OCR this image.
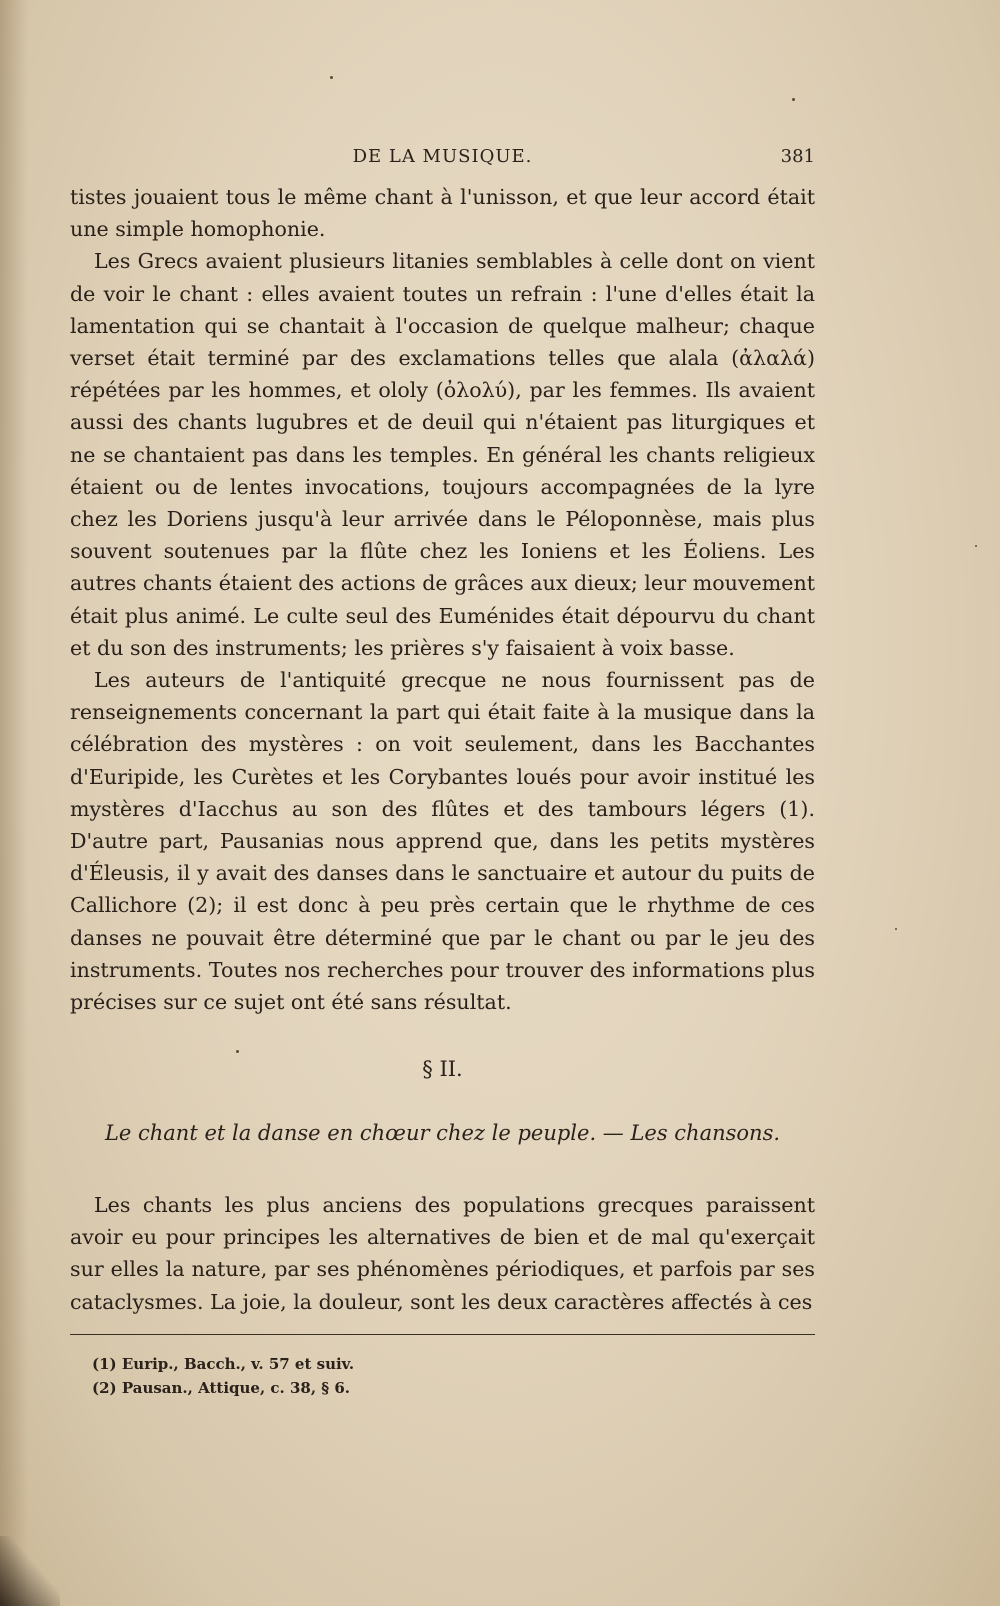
DE LA MUSIQUE.	381

tistes jouaient tous le même chant à l'unisson, et que leur accord était une simple homophonie.

Les Grecs avaient plusieurs litanies semblables à celle dont on vient de voir le chant : elles avaient toutes un refrain : l'une d'elles était la lamentation qui se chantait à l'occasion de quelque malheur; chaque verset était terminé par des exclamations telles que alala (ἀλαλά) répétées par les hommes, et ololy (ὀλολύ), par les femmes. Ils avaient aussi des chants lugubres et de deuil qui n'étaient pas liturgiques et ne se chantaient pas dans les temples. En général les chants religieux étaient ou de lentes invocations, toujours accompagnées de la lyre chez les Doriens jusqu'à leur arrivée dans le Péloponnèse, mais plus souvent soutenues par la flûte chez les Ioniens et les Éoliens. Les autres chants étaient des actions de grâces aux dieux; leur mouvement était plus animé. Le culte seul des Euménides était dépourvu du chant et du son des instruments; les prières s'y faisaient à voix basse.

Les auteurs de l'antiquité grecque ne nous fournissent pas de renseignements concernant la part qui était faite à la musique dans la célébration des mystères : on voit seulement, dans les Bacchantes d'Euripide, les Curètes et les Corybantes loués pour avoir institué les mystères d'Iacchus au son des flûtes et des tambours légers (1). D'autre part, Pausanias nous apprend que, dans les petits mystères d'Éleusis, il y avait des danses dans le sanctuaire et autour du puits de Callichore (2); il est donc à peu près certain que le rhythme de ces danses ne pouvait être déterminé que par le chant ou par le jeu des instruments. Toutes nos recherches pour trouver des informations plus précises sur ce sujet ont été sans résultat.

§ II.
Le chant et la danse en chœur chez le peuple. — Les chansons.

Les chants les plus anciens des populations grecques paraissent avoir eu pour principes les alternatives de bien et de mal qu'exerçait sur elles la nature, par ses phénomènes périodiques, et parfois par ses cataclysmes. La joie, la douleur, sont les deux caractères affectés à ces

(1) Eurip., Bacch., v. 57 et suiv.
(2) Pausan., Attique, c. 38, § 6.
